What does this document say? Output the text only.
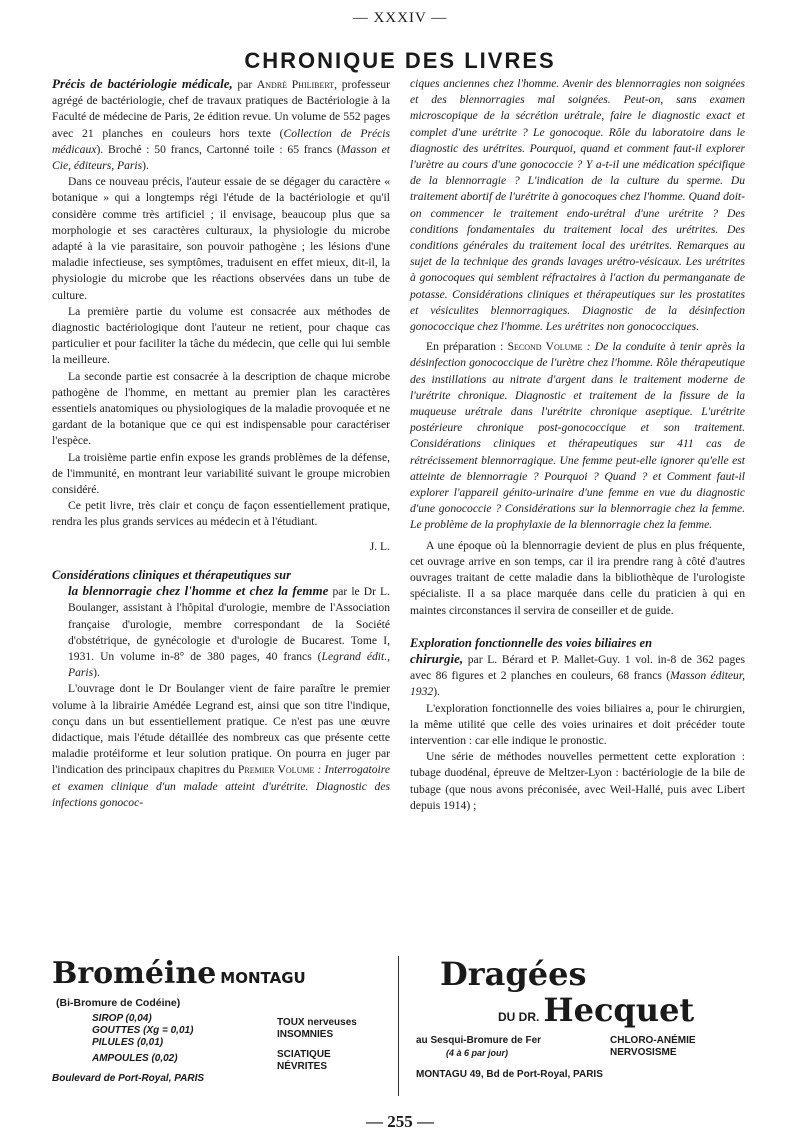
— XXXIV —
CHRONIQUE DES LIVRES

Précis de bactériologie médicale, par André Philibert, professeur agrégé de bactériologie, chef de travaux pratiques de Bactériologie à la Faculté de médecine de Paris, 2e édition revue. Un volume de 552 pages avec 21 planches en couleurs hors texte (Collection de Précis médicaux). Broché : 50 francs, Cartonné toile : 65 francs (Masson et Cie, éditeurs, Paris).

Dans ce nouveau précis, l'auteur essaie de se dégager du caractère « botanique » qui a longtemps régi l'étude de la bactériologie et qu'il considère comme très artificiel ; il envisage, beaucoup plus que sa morphologie et ses caractères culturaux, la physiologie du microbe adapté à la vie parasitaire, son pouvoir pathogène ; les lésions d'une maladie infectieuse, ses symptômes, traduisent en effet mieux, dit-il, la physiologie du microbe que les réactions observées dans un tube de culture.

La première partie du volume est consacrée aux méthodes de diagnostic bactériologique dont l'auteur ne retient, pour chaque cas particulier et pour faciliter la tâche du médecin, que celle qui lui semble la meilleure.

La seconde partie est consacrée à la description de chaque microbe pathogène de l'homme, en mettant au premier plan les caractères essentiels anatomiques ou physiologiques de la maladie provoquée et ne gardant de la botanique que ce qui est indispensable pour caractériser l'espèce.

La troisième partie enfin expose les grands problèmes de la défense, de l'immunité, en montrant leur variabilité suivant le groupe microbien considéré.

Ce petit livre, très clair et conçu de façon essentiellement pratique, rendra les plus grands services au médecin et à l'étudiant.

J. L.

Considérations cliniques et thérapeutiques sur

la blennorragie chez l'homme et chez la femme par le Dr L. Boulanger, assistant à l'hôpital d'urologie, membre de l'Association française d'urologie, membre correspondant de la Société d'obstétrique, de gynécologie et d'urologie de Bucarest. Tome I, 1931. Un volume in-8° de 380 pages, 40 francs (Legrand édit., Paris).

L'ouvrage dont le Dr Boulanger vient de faire paraître le premier volume à la librairie Amédée Legrand est, ainsi que son titre l'indique, conçu dans un but essentiellement pratique. Ce n'est pas une œuvre didactique, mais l'étude détaillée des nombreux cas que présente cette maladie protéiforme et leur solution pratique. On pourra en juger par l'indication des principaux chapitres du Premier Volume : Interrogatoire et examen clinique d'un malade atteint d'urétrite. Diagnostic des infections gonococ-

ciques anciennes chez l'homme. Avenir des blennorragies non soignées et des blennorragies mal soignées. Peut-on, sans examen microscopique de la sécrétion urétrale, faire le diagnostic exact et complet d'une urétrite ? Le gonocoque. Rôle du laboratoire dans le diagnostic des urétrites. Pourquoi, quand et comment faut-il explorer l'urètre au cours d'une gonococcie ? Y a-t-il une médication spécifique de la blennorragie ? L'indication de la culture du sperme. Du traitement abortif de l'urétrite à gonocoques chez l'homme. Quand doit-on commencer le traitement endo-urétral d'une urétrite ? Des conditions fondamentales du traitement local des urétrites. Des conditions générales du traitement local des urétrites. Remarques au sujet de la technique des grands lavages urétro-vésicaux. Les urétrites à gonocoques qui semblent réfractaires à l'action du permanganate de potasse. Considérations cliniques et thérapeutiques sur les prostatites et vésiculites blennorragiques. Diagnostic de la désinfection gonococcique chez l'homme. Les urétrites non gonococciques.

En préparation : Second Volume : De la conduite à tenir après la désinfection gonococcique de l'urètre chez l'homme. Rôle thérapeutique des instillations au nitrate d'argent dans le traitement moderne de l'urétrite chronique. Diagnostic et traitement de la fissure de la muqueuse urétrale dans l'urétrite chronique aseptique. L'urétrite postérieure chronique post-gonococcique et son traitement. Considérations cliniques et thérapeutiques sur 411 cas de rétrécissement blennorragique. Une femme peut-elle ignorer qu'elle est atteinte de blennorragie ? Pourquoi ? Quand ? et Comment faut-il explorer l'appareil génito-urinaire d'une femme en vue du diagnostic d'une gonococcie ? Considérations sur la blennorragie chez la femme. Le problème de la prophylaxie de la blennorragie chez la femme.

A une époque où la blennorragie devient de plus en plus fréquente, cet ouvrage arrive en son temps, car il ira prendre rang à côté d'autres ouvrages traitant de cette maladie dans la bibliothèque de l'urologiste spécialiste. Il a sa place marquée dans celle du praticien à qui en maintes circonstances il servira de conseiller et de guide.

Exploration fonctionnelle des voies biliaires en

chirurgie, par L. Bérard et P. Mallet-Guy. 1 vol. in-8 de 362 pages avec 86 figures et 2 planches en couleurs, 68 francs (Masson éditeur, 1932).

L'exploration fonctionnelle des voies biliaires a, pour le chirurgien, la même utilité que celle des voies urinaires et doit précéder toute intervention : car elle indique le pronostic.

Une série de méthodes nouvelles permettent cette exploration : tubage duodénal, épreuve de Meltzer-Lyon : bactériologie de la bile de tubage (que nous avons préconisée, avec Weil-Hallé, puis avec Libert depuis 1914) ;

Broméine MONTAGU
(Bi-Bromure de Codéine)
SIROP (0,04)
GOUTTES (Xg = 0,01)
PILULES (0,01)
AMPOULES (0,02)
TOUX nerveuses
INSOMNIES
SCIATIQUE
NÉVRITES
Boulevard de Port-Royal, PARIS
Dragées
DU DR. Hecquet
au Sesqui-Bromure de Fer
(4 à 6 par jour)
CHLORO-ANÉMIE
NERVOSISME
MONTAGU 49, Bd de Port-Royal, PARIS
— 255 —
